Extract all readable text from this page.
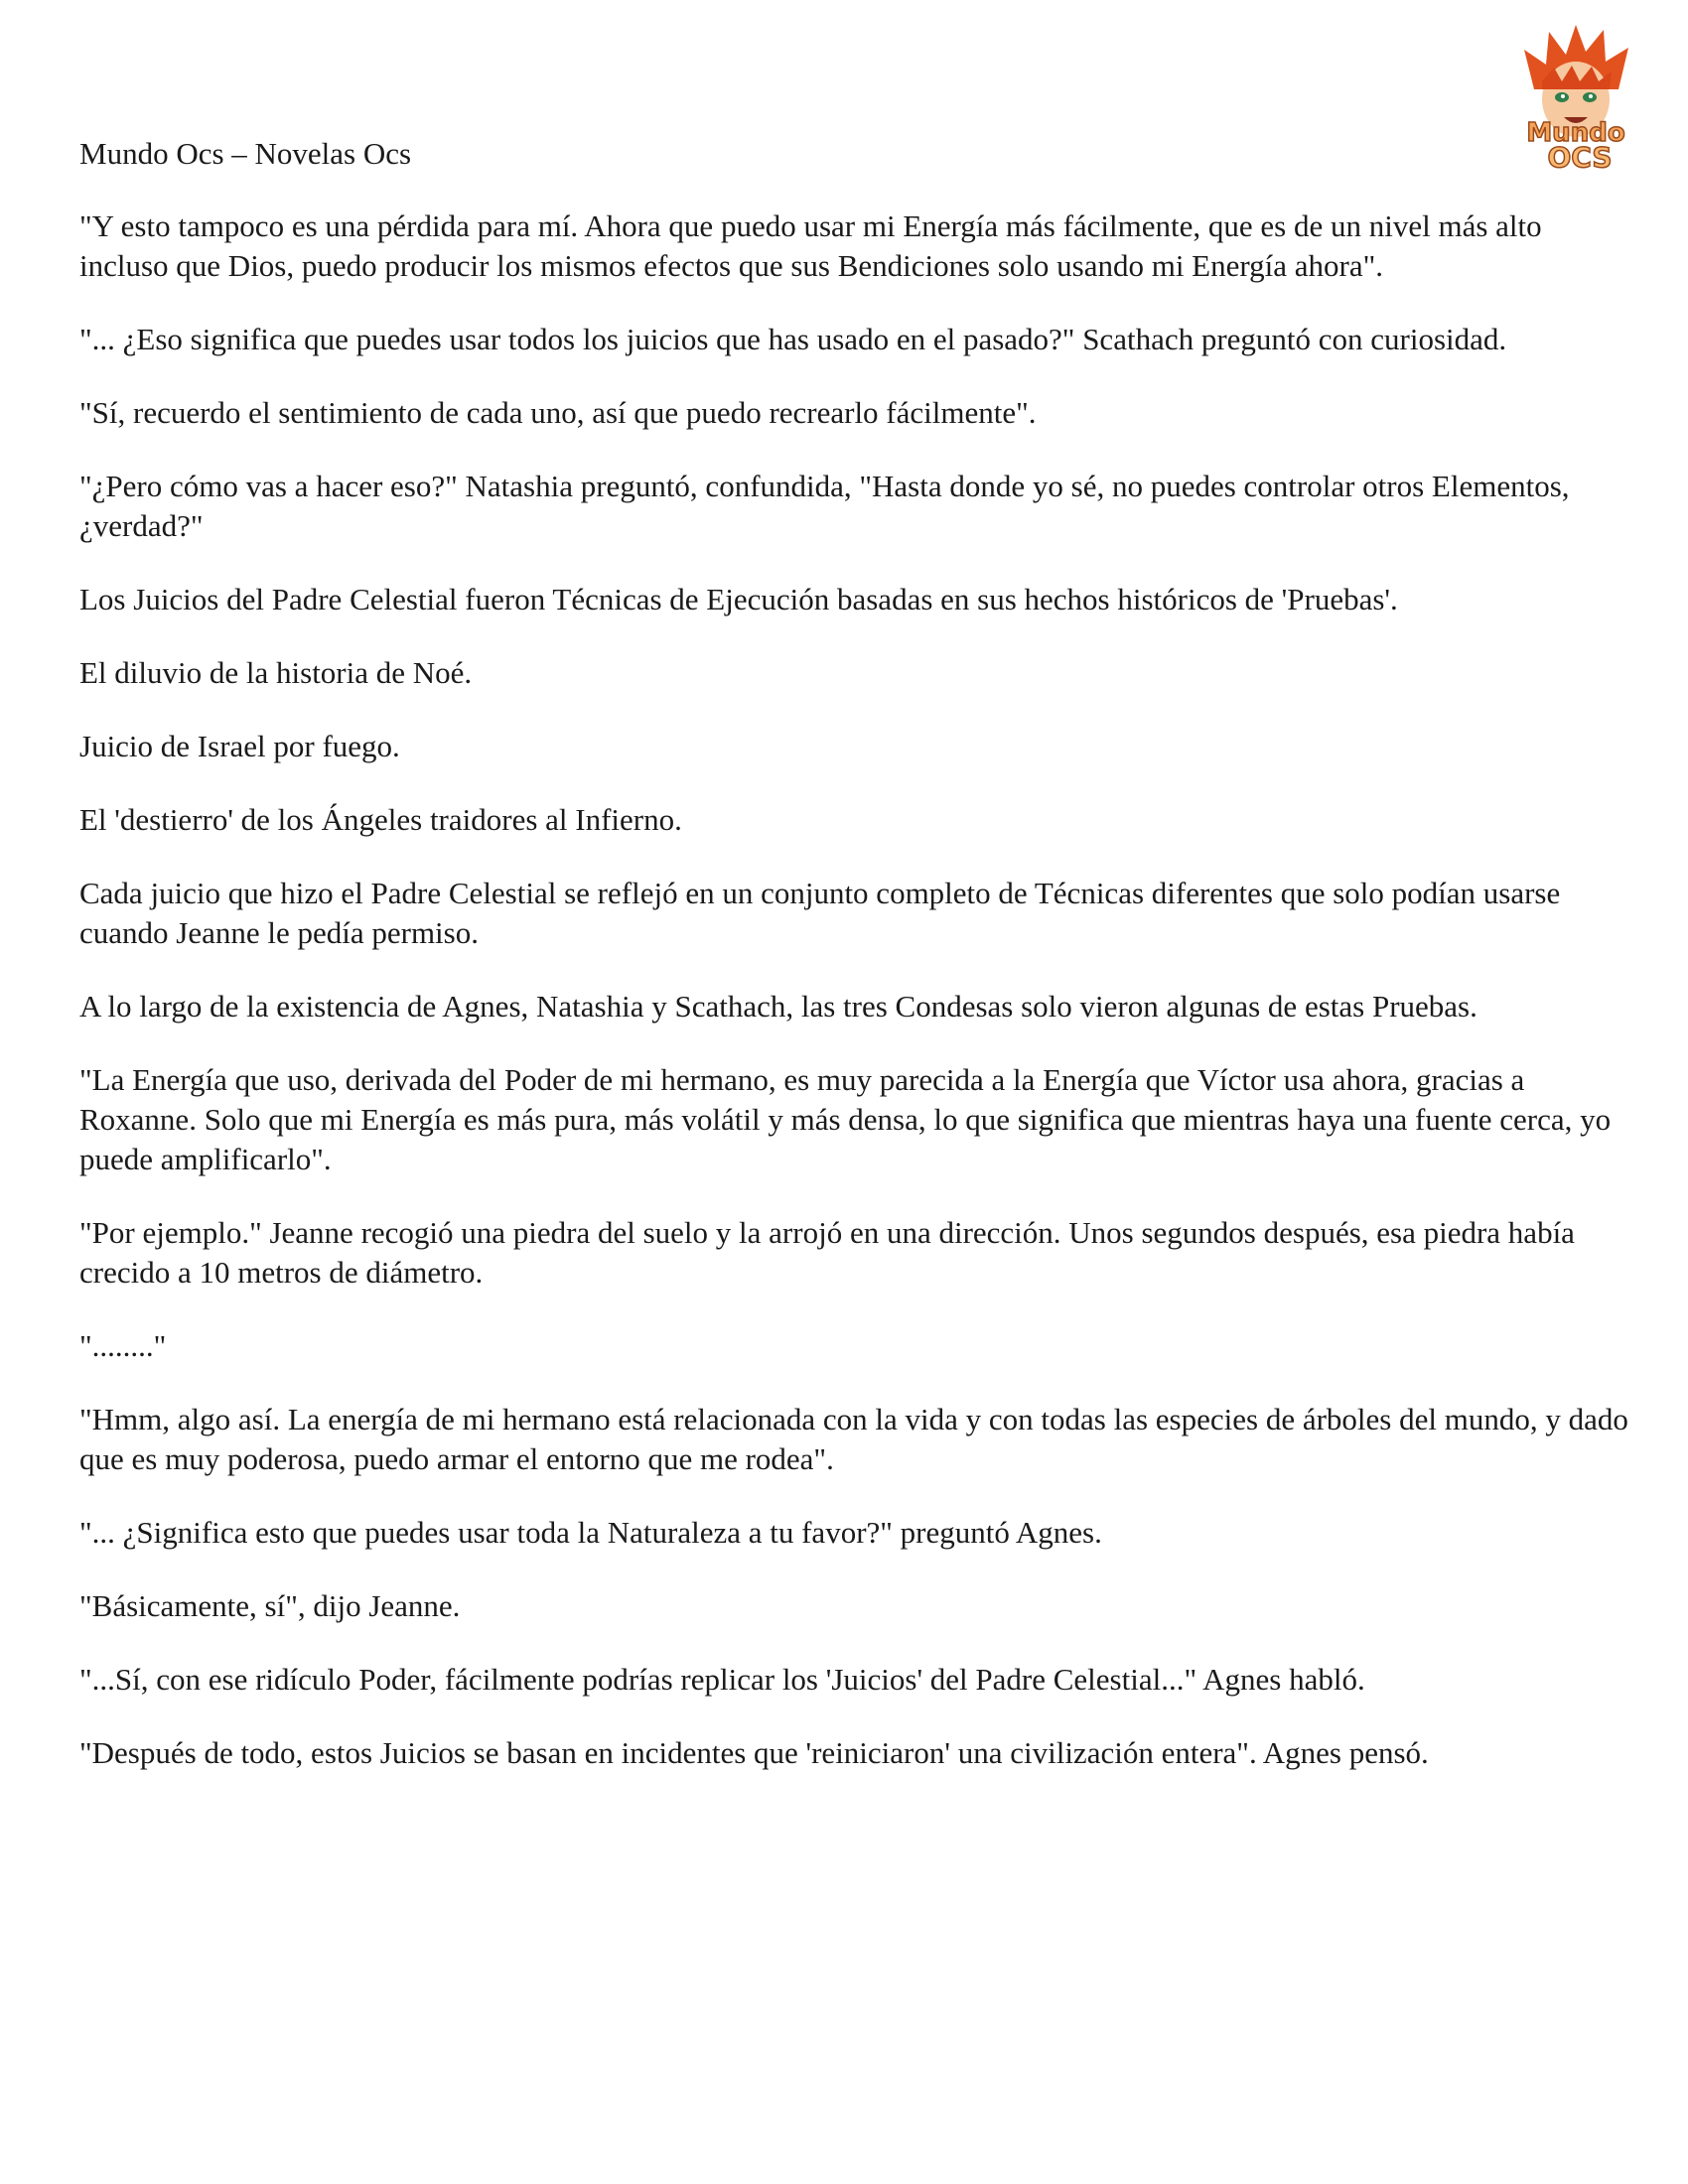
Mundo
OCS

Mundo Ocs – Novelas Ocs

"Y esto tampoco es una pérdida para mí. Ahora que puedo usar mi Energía más fácilmente, que es de un nivel más alto incluso que Dios, puedo producir los mismos efectos que sus Bendiciones solo usando mi Energía ahora".

"... ¿Eso significa que puedes usar todos los juicios que has usado en el pasado?" Scathach preguntó con curiosidad.

"Sí, recuerdo el sentimiento de cada uno, así que puedo recrearlo fácilmente".

"¿Pero cómo vas a hacer eso?" Natashia preguntó, confundida, "Hasta donde yo sé, no puedes controlar otros Elementos, ¿verdad?"

Los Juicios del Padre Celestial fueron Técnicas de Ejecución basadas en sus hechos históricos de 'Pruebas'.

El diluvio de la historia de Noé.

Juicio de Israel por fuego.

El 'destierro' de los Ángeles traidores al Infierno.

Cada juicio que hizo el Padre Celestial se reflejó en un conjunto completo de Técnicas diferentes que solo podían usarse cuando Jeanne le pedía permiso.

A lo largo de la existencia de Agnes, Natashia y Scathach, las tres Condesas solo vieron algunas de estas Pruebas.

"La Energía que uso, derivada del Poder de mi hermano, es muy parecida a la Energía que Víctor usa ahora, gracias a Roxanne. Solo que mi Energía es más pura, más volátil y más densa, lo que significa que mientras haya una fuente cerca, yo puede amplificarlo".

"Por ejemplo." Jeanne recogió una piedra del suelo y la arrojó en una dirección. Unos segundos después, esa piedra había crecido a 10 metros de diámetro.

"........"

"Hmm, algo así. La energía de mi hermano está relacionada con la vida y con todas las especies de árboles del mundo, y dado que es muy poderosa, puedo armar el entorno que me rodea".

"... ¿Significa esto que puedes usar toda la Naturaleza a tu favor?" preguntó Agnes.

"Básicamente, sí", dijo Jeanne.

"...Sí, con ese ridículo Poder, fácilmente podrías replicar los 'Juicios' del Padre Celestial..." Agnes habló.

"Después de todo, estos Juicios se basan en incidentes que 'reiniciaron' una civilización entera". Agnes pensó.
